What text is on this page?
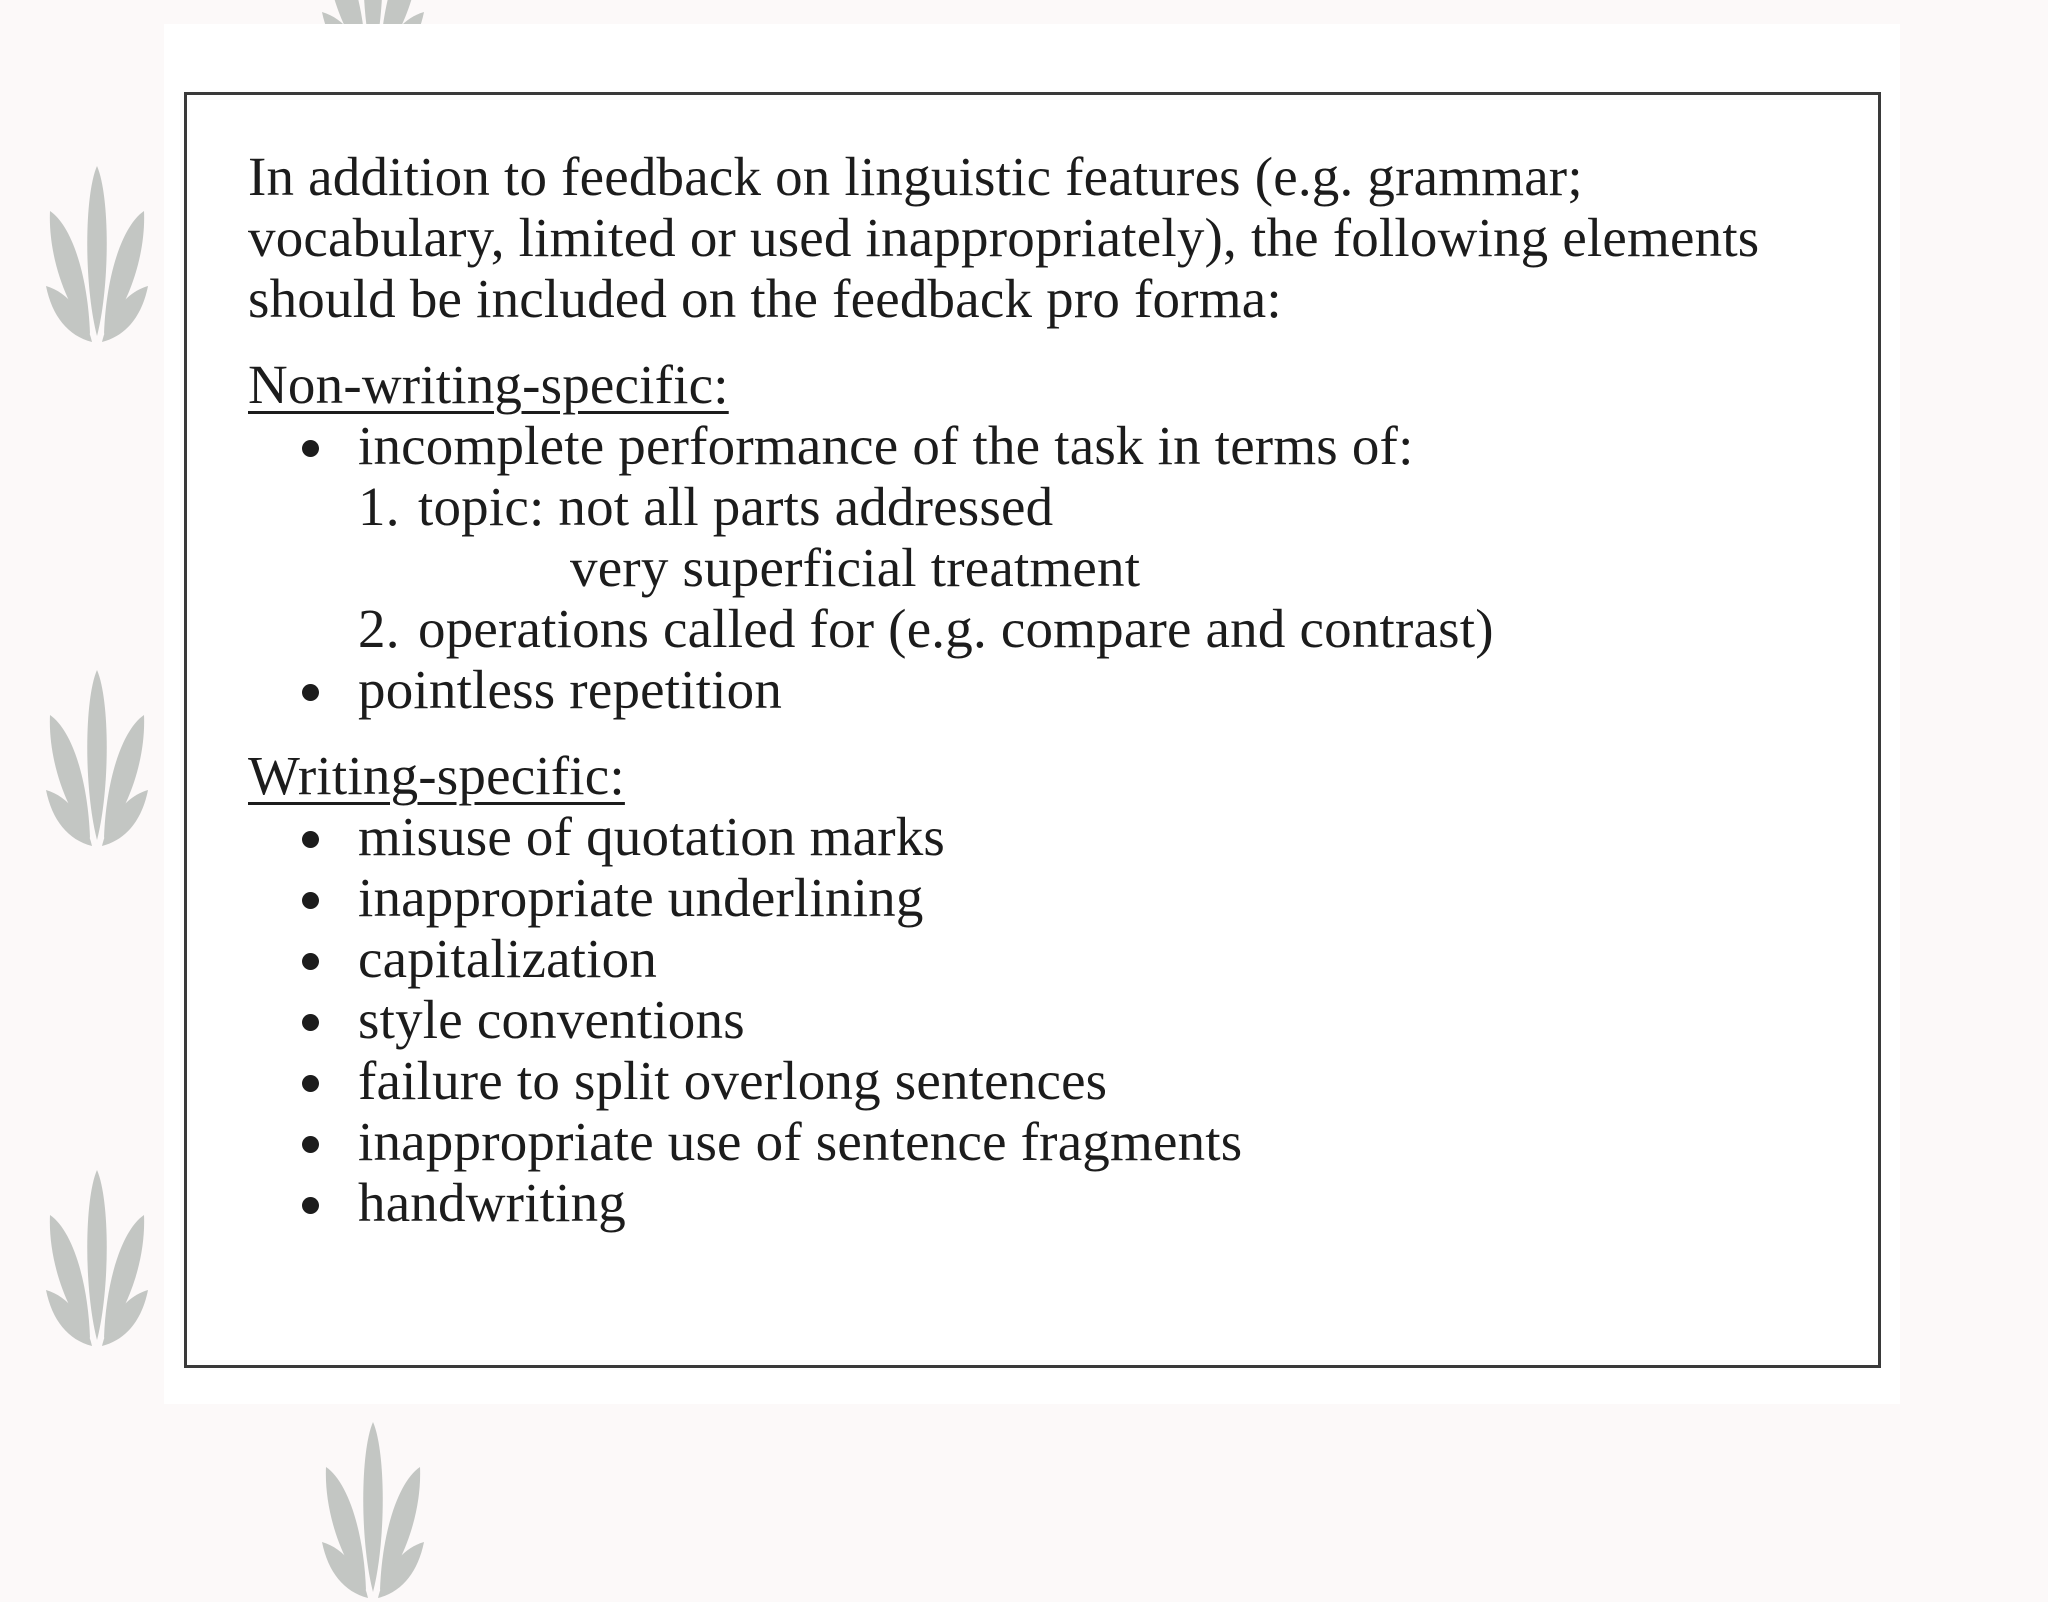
In addition to feedback on linguistic features (e.g. grammar; vocabulary, limited or used inappropriately), the following elements should be included on the feedback pro forma:

Non-writing-specific:
incomplete performance of the task in terms of:
1. topic: not all parts addressed
very superficial treatment
2. operations called for (e.g. compare and contrast)
pointless repetition
Writing-specific:
misuse of quotation marks
inappropriate underlining
capitalization
style conventions
failure to split overlong sentences
inappropriate use of sentence fragments
handwriting
